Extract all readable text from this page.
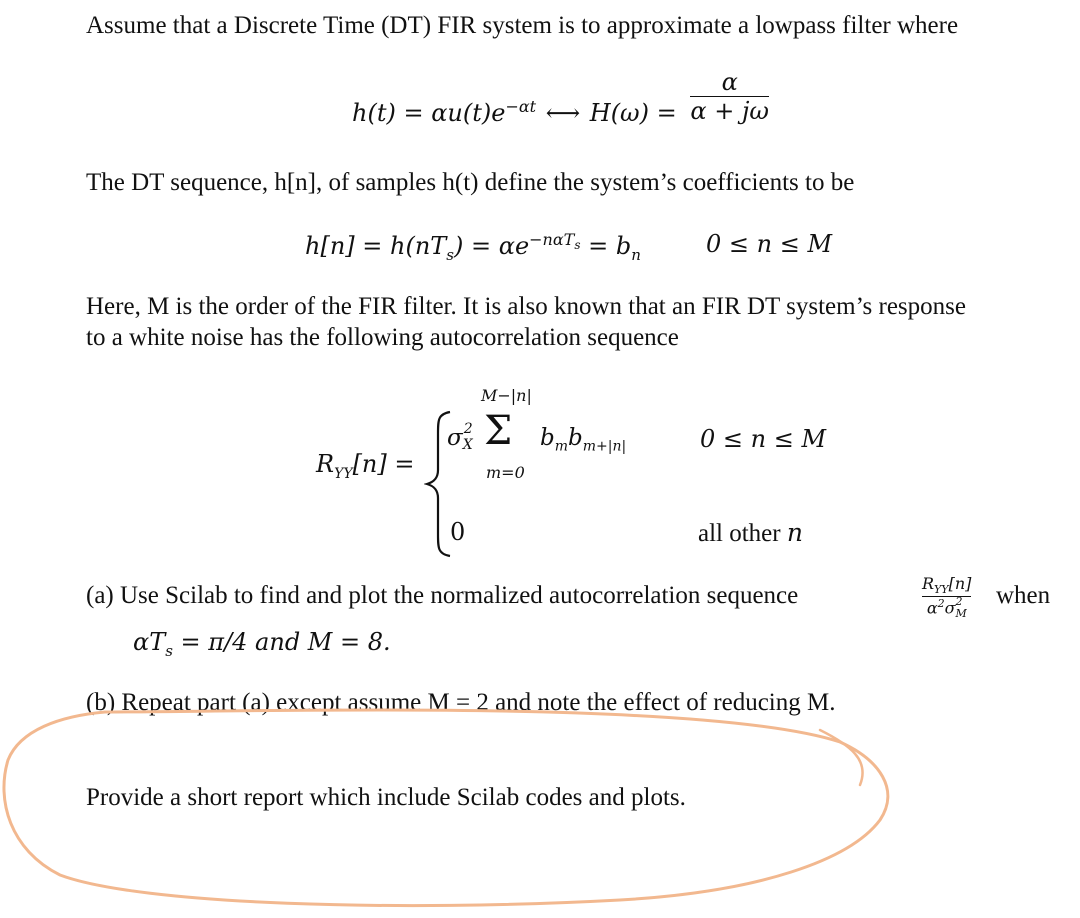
Assume that a Discrete Time (DT) FIR system is to approximate a lowpass filter where
$h(t) = \alpha u(t)e^{-\alpha t}$ ⟷ $H(\omega) = \frac{\alpha}{\alpha + j\omega}$
The DT sequence, h[n], of samples h(t) define the system’s coefficients to be
$h[n] = h(nT_s) = \alpha e^{-n\alpha T_s} = b_n$	0 ≤ n ≤ M
Here, M is the order of the FIR filter. It is also known that an FIR DT system’s response
to a white noise has the following autocorrelation sequence
$R_{YY}[n]$ =
σ 2
X
M−|n|
Σ
m=0
$b_mb_{m+|n|}$	0 ≤ n ≤ M
0	all other n
(a) Use Scilab to find and plot the normalized autocorrelation sequence	$R_{YY}[n]$
$\alpha^2\sigma$ 2
M when
$\alpha T_s = \pi/4$ and M = 8.
(b) Repeat part (a) except assume M = 2 and note the effect of reducing M.
Provide a short report which include Scilab codes and plots.
